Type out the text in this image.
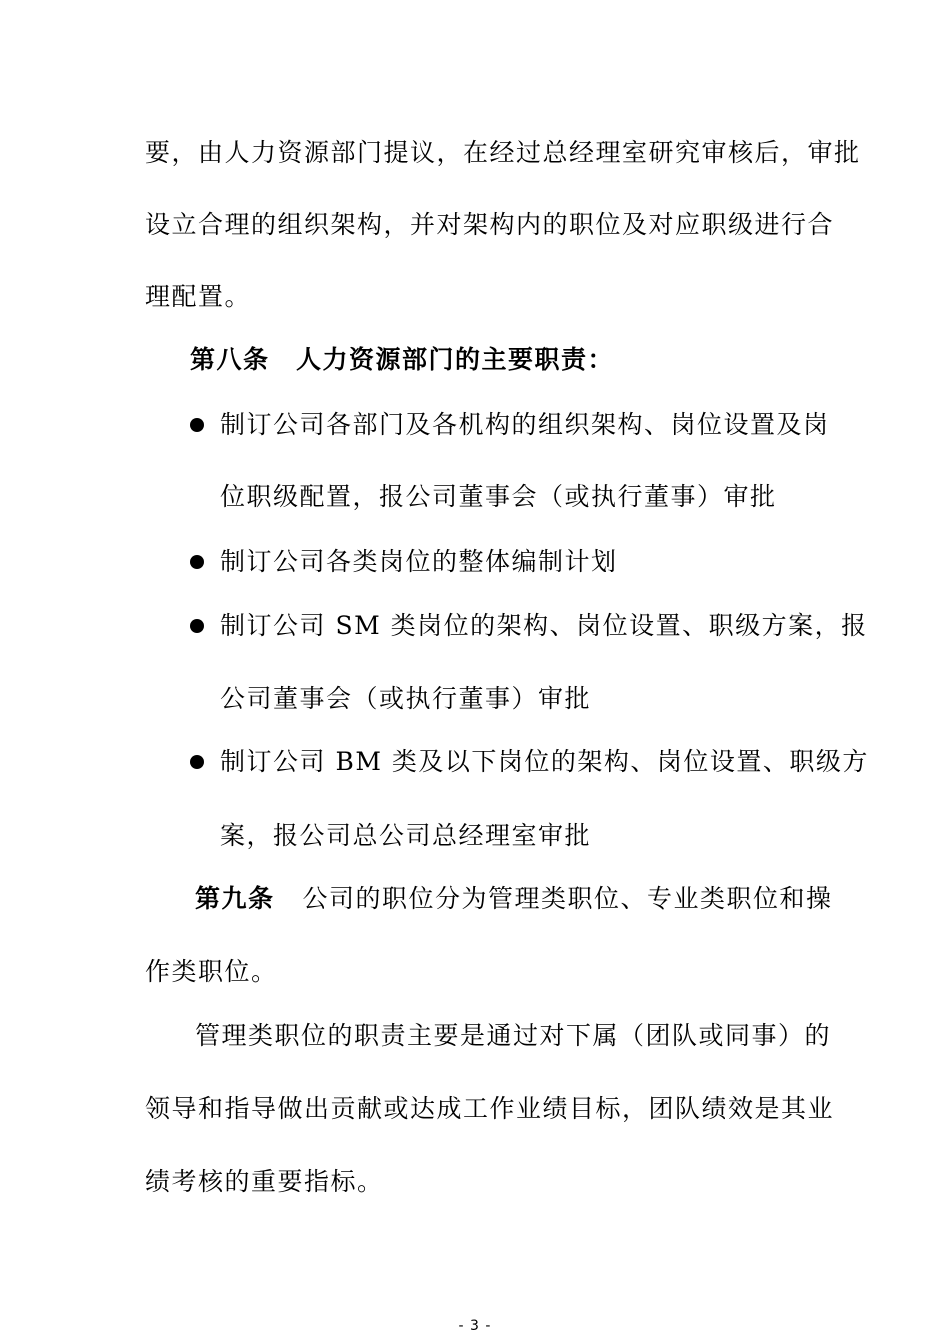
要，由人力资源部门提议，在经过总经理室研究审核后，审批
设立合理的组织架构，并对架构内的职位及对应职级进行合
理配置。
第八条　人力资源部门的主要职责：
制订公司各部门及各机构的组织架构、岗位设置及岗
位职级配置，报公司董事会（或执行董事）审批
制订公司各类岗位的整体编制计划
制订公司 SM 类岗位的架构、岗位设置、职级方案，报
公司董事会（或执行董事）审批
制订公司 BM 类及以下岗位的架构、岗位设置、职级方
案，报公司总公司总经理室审批
第九条 公司的职位分为管理类职位、专业类职位和操
作类职位。
管理类职位的职责主要是通过对下属（团队或同事）的
领导和指导做出贡献或达成工作业绩目标，团队绩效是其业
绩考核的重要指标。
- 3 -
